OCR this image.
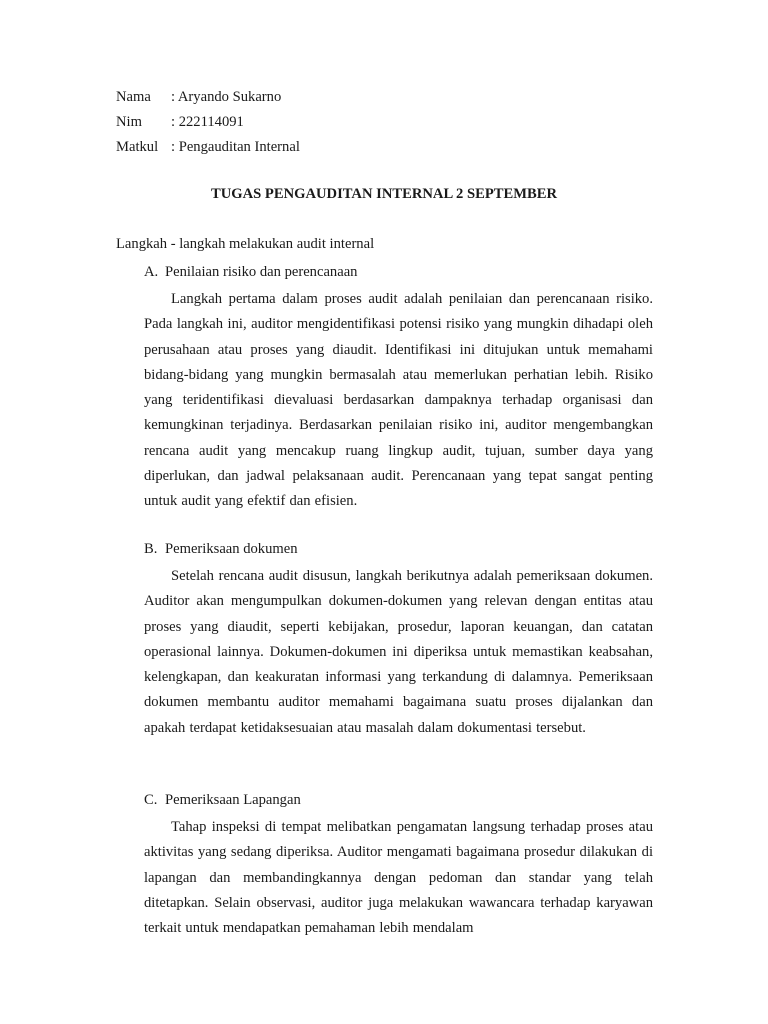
Nama : Aryando Sukarno
Nim : 222114091
Matkul : Pengauditan Internal
TUGAS PENGAUDITAN INTERNAL 2 SEPTEMBER
Langkah - langkah melakukan audit internal
A. Penilaian risiko dan perencanaan

Langkah pertama dalam proses audit adalah penilaian dan perencanaan risiko. Pada langkah ini, auditor mengidentifikasi potensi risiko yang mungkin dihadapi oleh perusahaan atau proses yang diaudit. Identifikasi ini ditujukan untuk memahami bidang-bidang yang mungkin bermasalah atau memerlukan perhatian lebih. Risiko yang teridentifikasi dievaluasi berdasarkan dampaknya terhadap organisasi dan kemungkinan terjadinya. Berdasarkan penilaian risiko ini, auditor mengembangkan rencana audit yang mencakup ruang lingkup audit, tujuan, sumber daya yang diperlukan, dan jadwal pelaksanaan audit. Perencanaan yang tepat sangat penting untuk audit yang efektif dan efisien.

B. Pemeriksaan dokumen

Setelah rencana audit disusun, langkah berikutnya adalah pemeriksaan dokumen. Auditor akan mengumpulkan dokumen-dokumen yang relevan dengan entitas atau proses yang diaudit, seperti kebijakan, prosedur, laporan keuangan, dan catatan operasional lainnya. Dokumen-dokumen ini diperiksa untuk memastikan keabsahan, kelengkapan, dan keakuratan informasi yang terkandung di dalamnya. Pemeriksaan dokumen membantu auditor memahami bagaimana suatu proses dijalankan dan apakah terdapat ketidaksesuaian atau masalah dalam dokumentasi tersebut.

C. Pemeriksaan Lapangan

Tahap inspeksi di tempat melibatkan pengamatan langsung terhadap proses atau aktivitas yang sedang diperiksa. Auditor mengamati bagaimana prosedur dilakukan di lapangan dan membandingkannya dengan pedoman dan standar yang telah ditetapkan. Selain observasi, auditor juga melakukan wawancara terhadap karyawan terkait untuk mendapatkan pemahaman lebih mendalam
